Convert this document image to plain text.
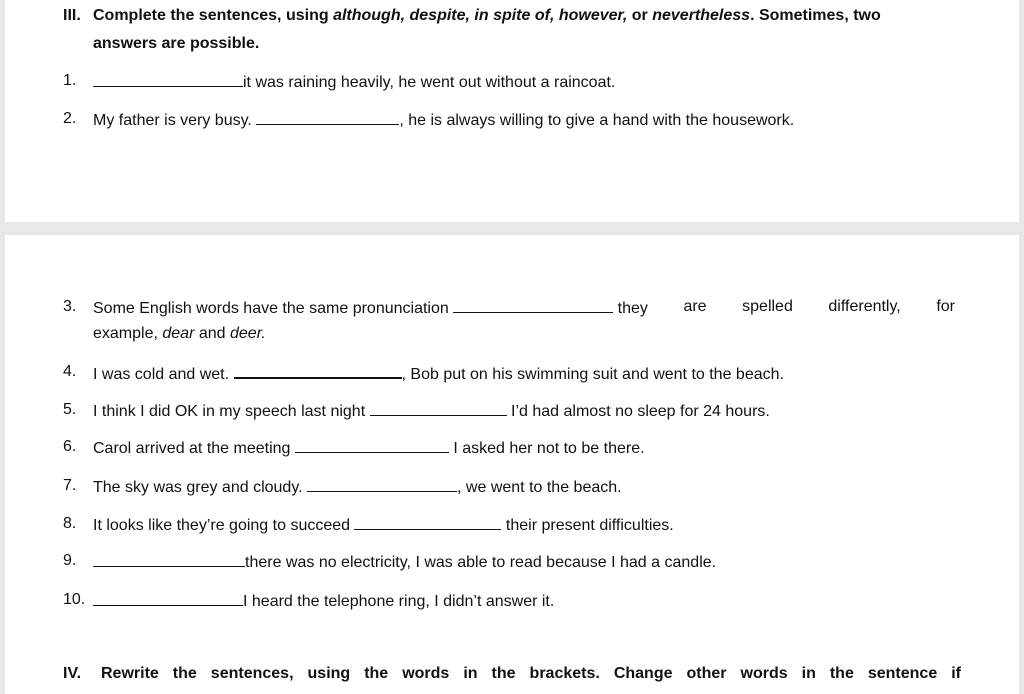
III. Complete the sentences, using although, despite, in spite of, however, or nevertheless. Sometimes, two
answers are possible.
1.	it was raining heavily, he went out without a raincoat.
2. My father is very busy.	, he is always willing to give a hand with the housework.
3. Some English words have the same pronunciation	they are spelled differently, for
example, dear and deer.
4. I was cold and wet.	, Bob put on his swimming suit and went to the beach.
5. I think I did OK in my speech last night	I’d had almost no sleep for 24 hours.
6. Carol arrived at the meeting	I asked her not to be there.
7. The sky was grey and cloudy.	, we went to the beach.
8. It looks like they’re going to succeed	their present difficulties.
9.	there was no electricity, I was able to read because I had a candle.
10.	I heard the telephone ring, I didn’t answer it.
IV. Rewrite the sentences, using the words in the brackets. Change other words in the sentence if
